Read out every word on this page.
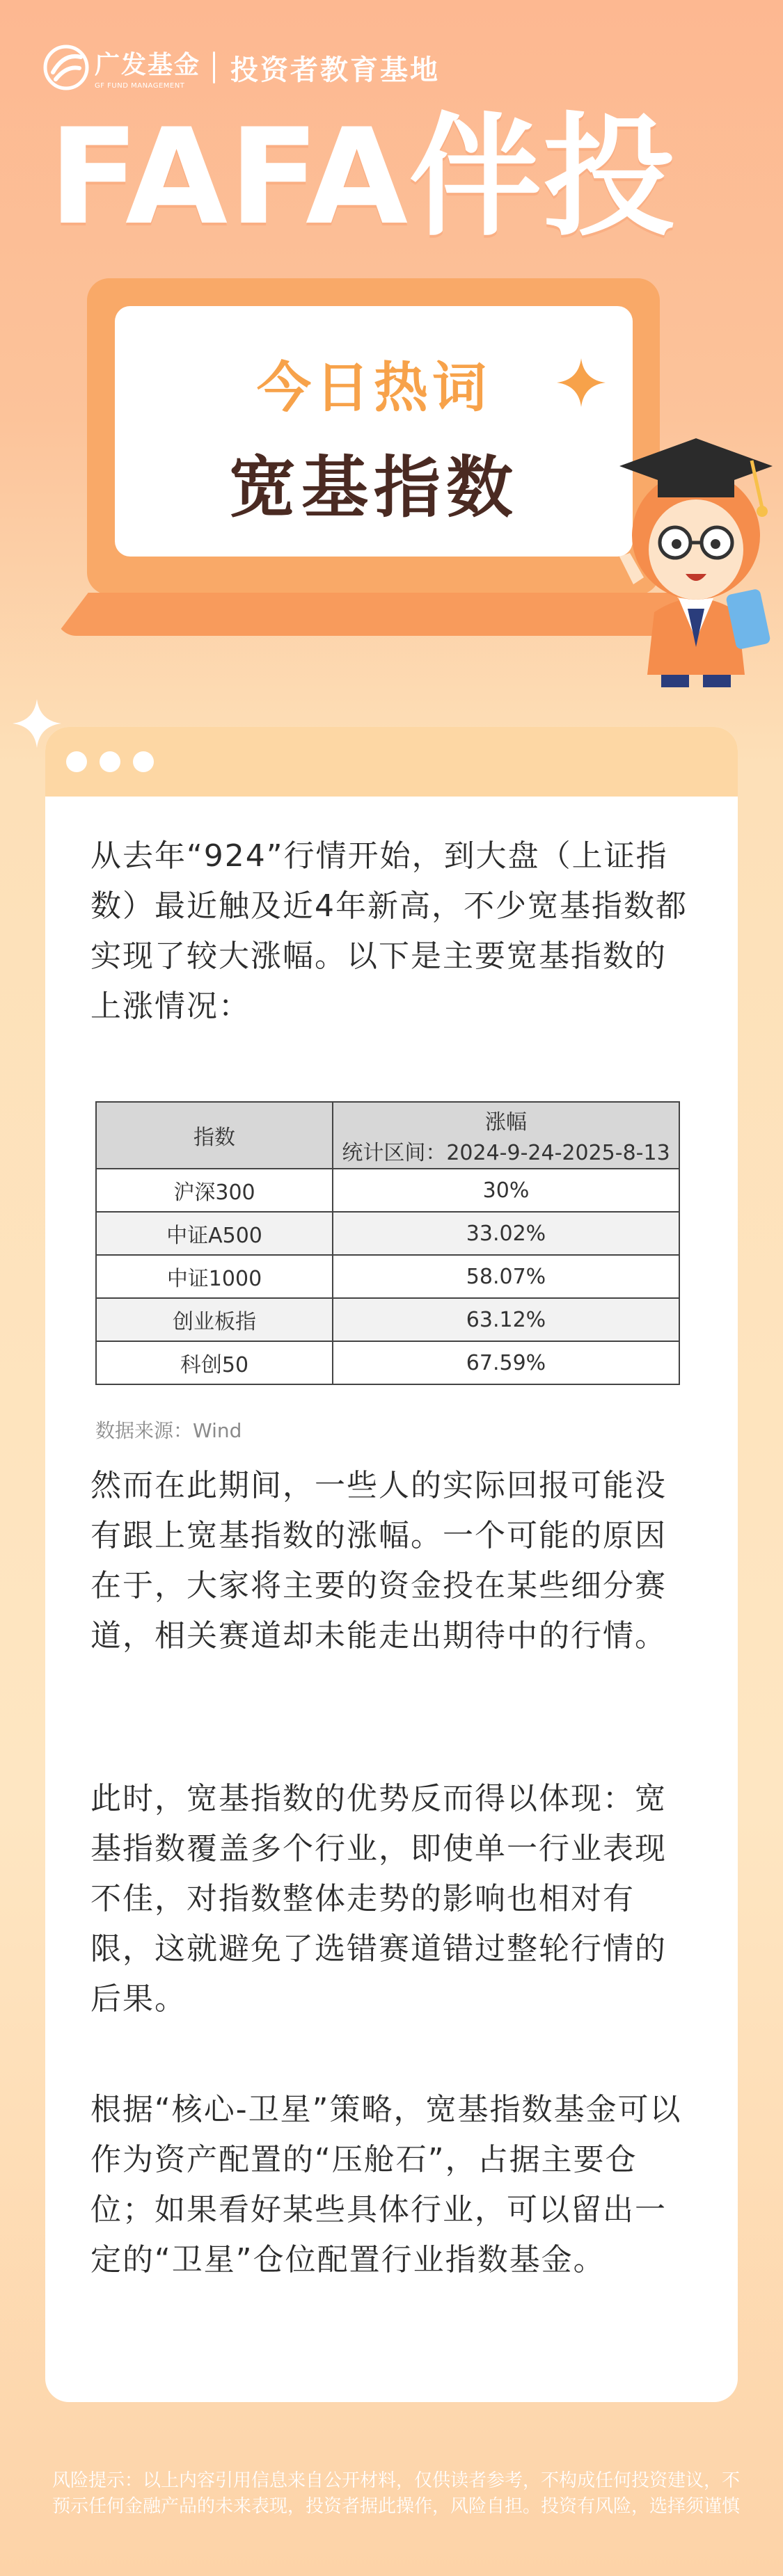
广发基金
GF FUND MANAGEMENT	投资者教育基地
FAFA伴投
今日热词
宽基指数
从去年“924”行情开始，到大盘（上证指数）最近触及近4年新高，不少宽基指数都实现了较大涨幅。以下是主要宽基指数的上涨情况：
指数	涨幅
统计区间：2024-9-24-2025-8-13

沪深300	30%
中证A500	33.02%
中证1000	58.07%
创业板指	63.12%
科创50	67.59%
数据来源：Wind
然而在此期间，一些人的实际回报可能没有跟上宽基指数的涨幅。一个可能的原因在于，大家将主要的资金投在某些细分赛道，相关赛道却未能走出期待中的行情。
此时，宽基指数的优势反而得以体现：宽基指数覆盖多个行业，即使单一行业表现不佳，对指数整体走势的影响也相对有限，这就避免了选错赛道错过整轮行情的后果。
根据“核心-卫星”策略，宽基指数基金可以作为资产配置的“压舱石”，占据主要仓位；如果看好某些具体行业，可以留出一定的“卫星”仓位配置行业指数基金。
风险提示：以上内容引用信息来自公开材料，仅供读者参考，不构成任何投资建议，不预示任何金融产品的未来表现，投资者据此操作，风险自担。投资有风险，选择须谨慎
